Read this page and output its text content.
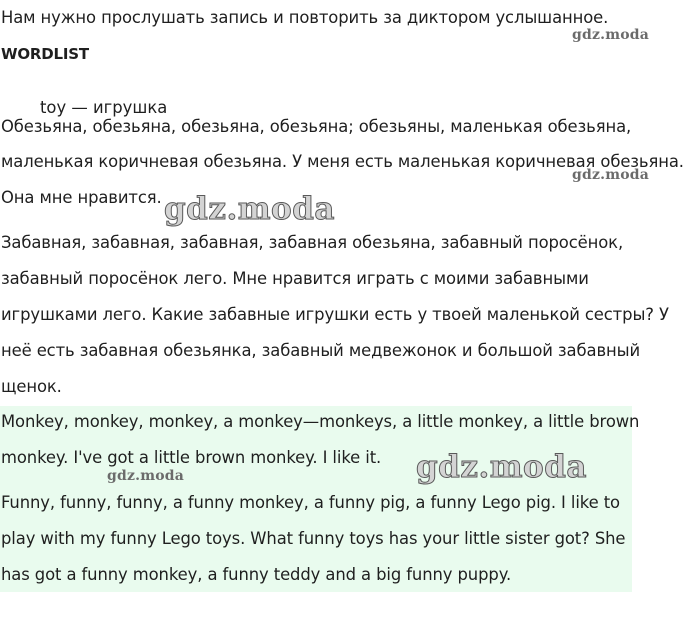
Нам нужно прослушать запись и повторить за диктором услышанное.
WORDLIST
toy — игрушка
Обезьяна, обезьяна, обезьяна, обезьяна; обезьяны, маленькая обезьяна,
маленькая коричневая обезьяна. У меня есть маленькая коричневая обезьяна.
Она мне нравится.
Забавная, забавная, забавная, забавная обезьяна, забавный поросёнок,
забавный поросёнок лего. Мне нравится играть с моими забавными
игрушками лего. Какие забавные игрушки есть у твоей маленькой сестры? У
неё есть забавная обезьянка, забавный медвежонок и большой забавный
щенок.
Monkey, monkey, monkey, a monkey—monkeys, a little monkey, a little brown
monkey. I've got a little brown monkey. I like it.
Funny, funny, funny, a funny monkey, a funny pig, a funny Lego pig. I like to
play with my funny Lego toys. What funny toys has your little sister got? She
has got a funny monkey, a funny teddy and a big funny puppy.
gdz.moda
gdz.moda
gdz.moda
gdz.moda
gdz.moda
